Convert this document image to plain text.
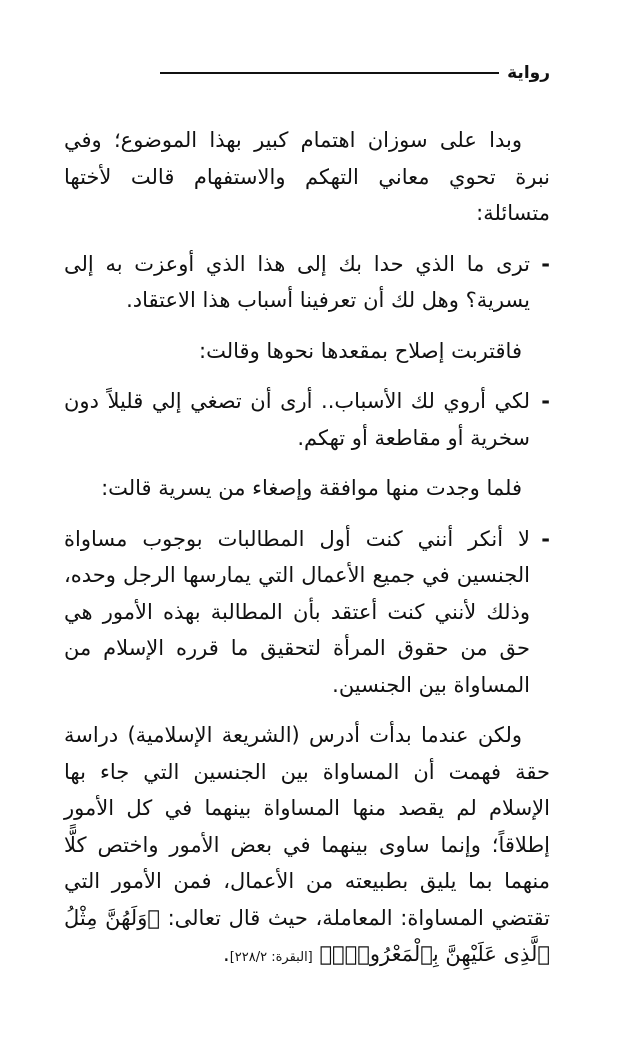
رواية

وبدا على سوزان اهتمام كبير بهذا الموضوع؛ وفي نبرة تحوي معاني التهكم والاستفهام قالت لأختها متسائلة:

-

ترى ما الذي حدا بك إلى هذا الذي أوعزت به إلى يسرية؟ وهل لك أن تعرفينا أسباب هذا الاعتقاد.

فاقتربت إصلاح بمقعدها نحوها وقالت:

-

لكي أروي لك الأسباب.. أرى أن تصغي إلي قليلاً دون سخرية أو مقاطعة أو تهكم.

فلما وجدت منها موافقة وإصغاء من يسرية قالت:

-

لا أنكر أنني كنت أول المطالبات بوجوب مساواة الجنسين في جميع الأعمال التي يمارسها الرجل وحده، وذلك لأنني كنت أعتقد بأن المطالبة بهذه الأمور هي حق من حقوق المرأة لتحقيق ما قرره الإسلام من المساواة بين الجنسين.

ولكن عندما بدأت أدرس (الشريعة الإسلامية) دراسة حقة فهمت أن المساواة بين الجنسين التي جاء بها الإسلام لم يقصد منها المساواة بينهما في كل الأمور إطلاقاً؛ وإنما ساوى بينهما في بعض الأمور واختص كلًّا منهما بما يليق بطبيعته من الأعمال، فمن الأمور التي تقتضي المساواة: المعاملة، حيث قال تعالى: ﴿وَلَهُنَّ مِثْلُ ٱلَّذِى عَلَيْهِنَّ بِٱلْمَعْرُوفِۚ﴾ [البقرة: ٢٢٨/٢].
